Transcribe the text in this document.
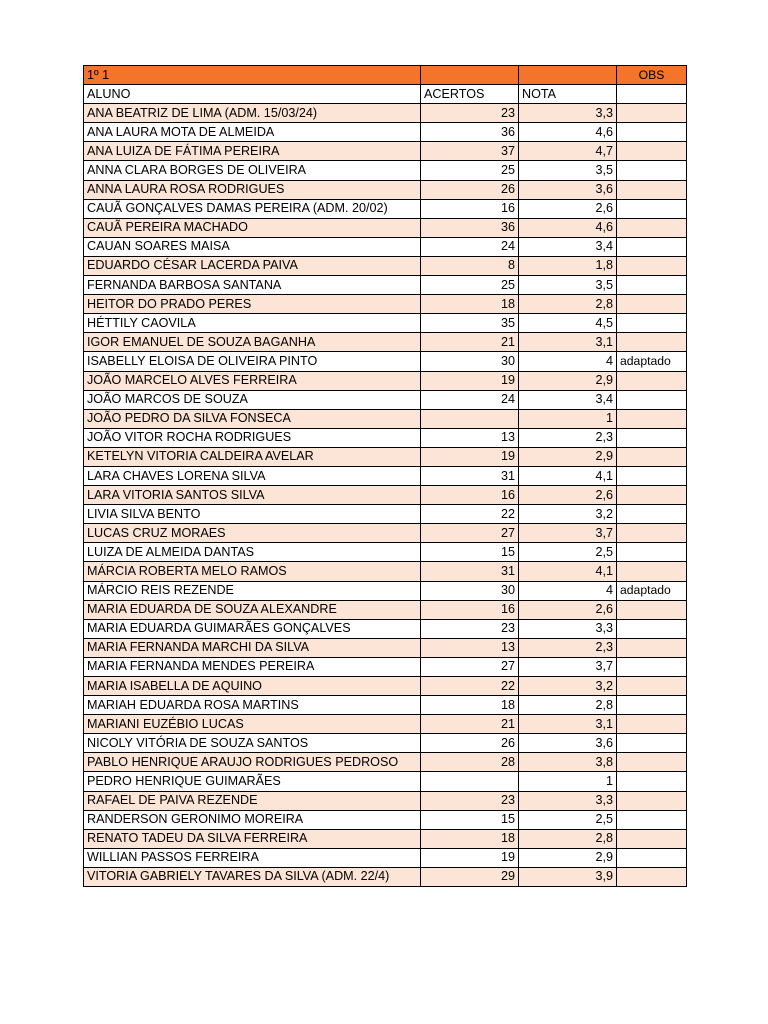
1º 1			OBS
ALUNO	ACERTOS	NOTA	
ANA BEATRIZ DE LIMA (ADM. 15/03/24)	23	3,3	
ANA LAURA MOTA DE ALMEIDA	36	4,6	
ANA LUIZA DE FÁTIMA PEREIRA	37	4,7	
ANNA CLARA BORGES DE OLIVEIRA	25	3,5	
ANNA LAURA ROSA RODRIGUES	26	3,6	
CAUÃ GONÇALVES DAMAS PEREIRA (ADM. 20/02)	16	2,6	
CAUÃ PEREIRA MACHADO	36	4,6	
CAUAN SOARES MAISA	24	3,4	
EDUARDO CÉSAR LACERDA PAIVA	8	1,8	
FERNANDA BARBOSA SANTANA	25	3,5	
HEITOR DO PRADO PERES	18	2,8	
HÉTTILY CAOVILA	35	4,5	
IGOR EMANUEL DE SOUZA BAGANHA	21	3,1	
ISABELLY ELOISA DE OLIVEIRA PINTO	30	4	adaptado
JOÃO MARCELO ALVES FERREIRA	19	2,9	
JOÃO MARCOS DE SOUZA	24	3,4	
JOÃO PEDRO DA SILVA FONSECA		1	
JOÃO VITOR ROCHA RODRIGUES	13	2,3	
KETELYN VITORIA CALDEIRA AVELAR	19	2,9	
LARA CHAVES LORENA SILVA	31	4,1	
LARA VITORIA SANTOS SILVA	16	2,6	
LIVIA SILVA BENTO	22	3,2	
LUCAS CRUZ MORAES	27	3,7	
LUIZA DE ALMEIDA DANTAS	15	2,5	
MÁRCIA ROBERTA MELO RAMOS	31	4,1	
MÁRCIO REIS REZENDE	30	4	adaptado
MARIA EDUARDA DE SOUZA ALEXANDRE	16	2,6	
MARIA EDUARDA GUIMARÃES GONÇALVES	23	3,3	
MARIA FERNANDA MARCHI DA SILVA	13	2,3	
MARIA FERNANDA MENDES PEREIRA	27	3,7	
MARIA ISABELLA DE AQUINO	22	3,2	
MARIAH EDUARDA ROSA MARTINS	18	2,8	
MARIANI EUZÉBIO LUCAS	21	3,1	
NICOLY VITÓRIA DE SOUZA SANTOS	26	3,6	
PABLO HENRIQUE ARAUJO RODRIGUES PEDROSO	28	3,8	
PEDRO HENRIQUE GUIMARÃES		1	
RAFAEL DE PAIVA REZENDE	23	3,3	
RANDERSON GERONIMO MOREIRA	15	2,5	
RENATO TADEU DA SILVA FERREIRA	18	2,8	
WILLIAN PASSOS FERREIRA	19	2,9	
VITORIA GABRIELY TAVARES DA SILVA (ADM. 22/4)	29	3,9	
